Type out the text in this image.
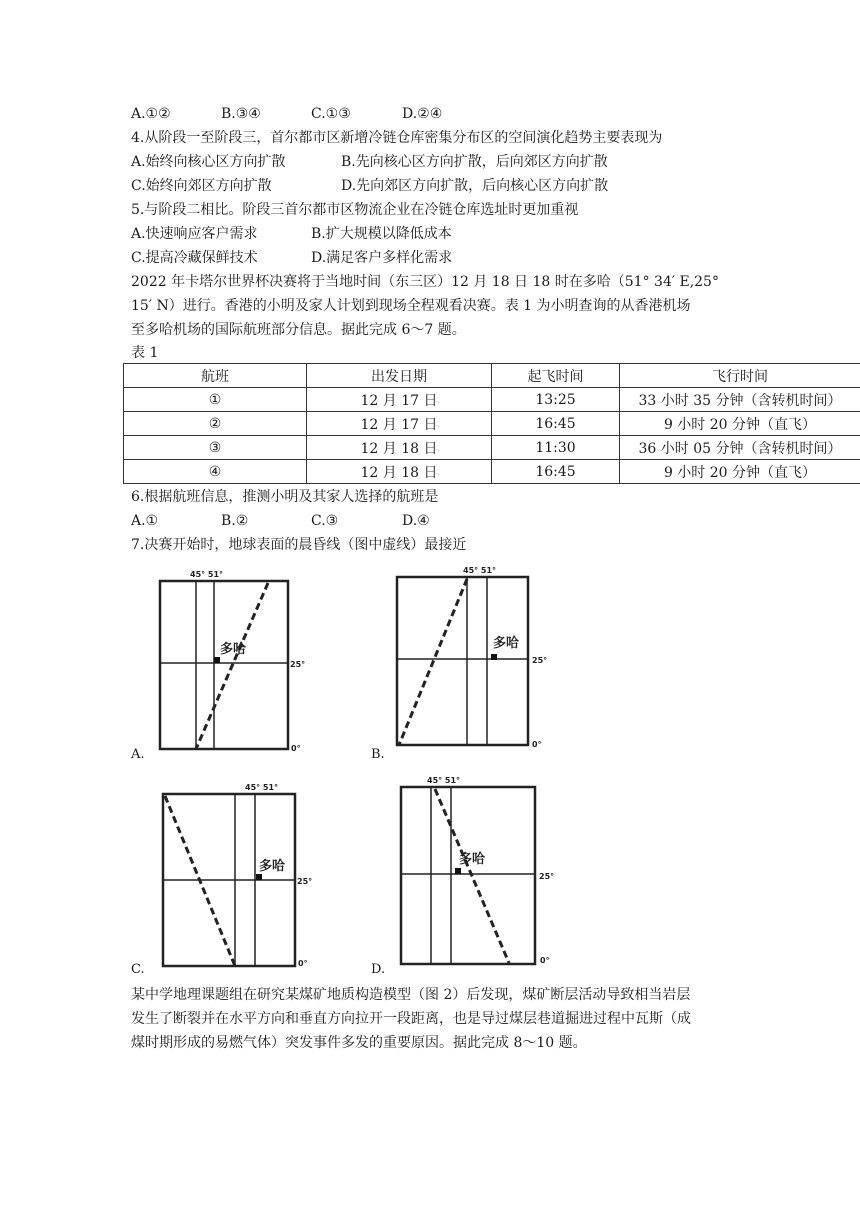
A.①②	B.③④	C.①③	D.②④
4.从阶段一至阶段三，首尔都市区新增冷链仓库密集分布区的空间演化趋势主要表现为
A.始终向核心区方向扩散	B.先向核心区方向扩散，后向郊区方向扩散
C.始终向郊区方向扩散	D.先向郊区方向扩散，后向核心区方向扩散
5.与阶段二相比。阶段三首尔都市区物流企业在冷链仓库选址时更加重视
A.快速响应客户需求	B.扩大规模以降低成本
C.提高冷藏保鲜技术	D.满足客户多样化需求
2022 年卡塔尔世界杯决赛将于当地时间（东三区）12 月 18 日 18 时在多哈（51° 34′ E,25°
15′ N）进行。香港的小明及家人计划到现场全程观看决赛。表 1 为小明查询的从香港机场
至多哈机场的国际航班部分信息。据此完成 6～7 题。
表 1
航班	出发日期	起飞时间	飞行时间
①	12 月 17 日	13:25	33 小时 35 分钟（含转机时间）
②	12 月 17 日	16:45	9 小时 20 分钟（直飞）
③	12 月 18 日	11:30	36 小时 05 分钟（含转机时间）
④	12 月 18 日	16:45	9 小时 20 分钟（直飞）
6.根据航班信息，推测小明及其家人选择的航班是
A.①	B.②	C.③	D.④
7.决赛开始时，地球表面的晨昏线（图中虚线）最接近
45° 51°
多哈
25°
0°
A.
45° 51°
多哈
25°
0°
B.
45° 51°
多哈
25°
0°
C.
45° 51°
多哈
25°
0°
D.
某中学地理课题组在研究某煤矿地质构造模型（图 2）后发现，煤矿断层活动导致相当岩层
发生了断裂并在水平方向和垂直方向拉开一段距离，也是导过煤层巷道掘进过程中瓦斯（成
煤时期形成的易燃气体）突发事件多发的重要原因。据此完成 8～10 题。
